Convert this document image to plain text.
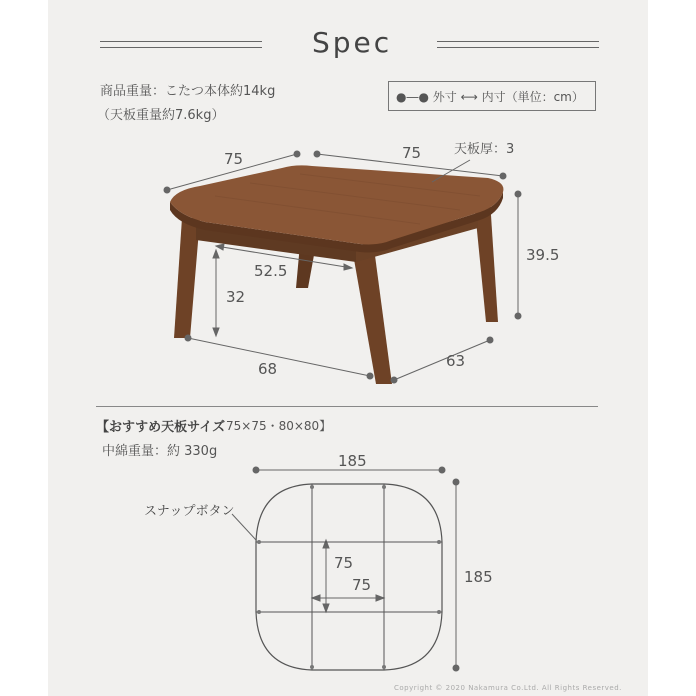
Spec
商品重量：こたつ本体約14kg
（天板重量約7.6kg）
●―● 外寸 ⟷ 内寸（単位：cm）
75	75	天板厚：3
39.5
52.5
32
68	63
【おすすめ天板サイズ 75×75・80×80】
中綿重量：約 330g
185
185
スナップボタン
75
75
Copyright © 2020 Nakamura Co.Ltd. All Rights Reserved.
